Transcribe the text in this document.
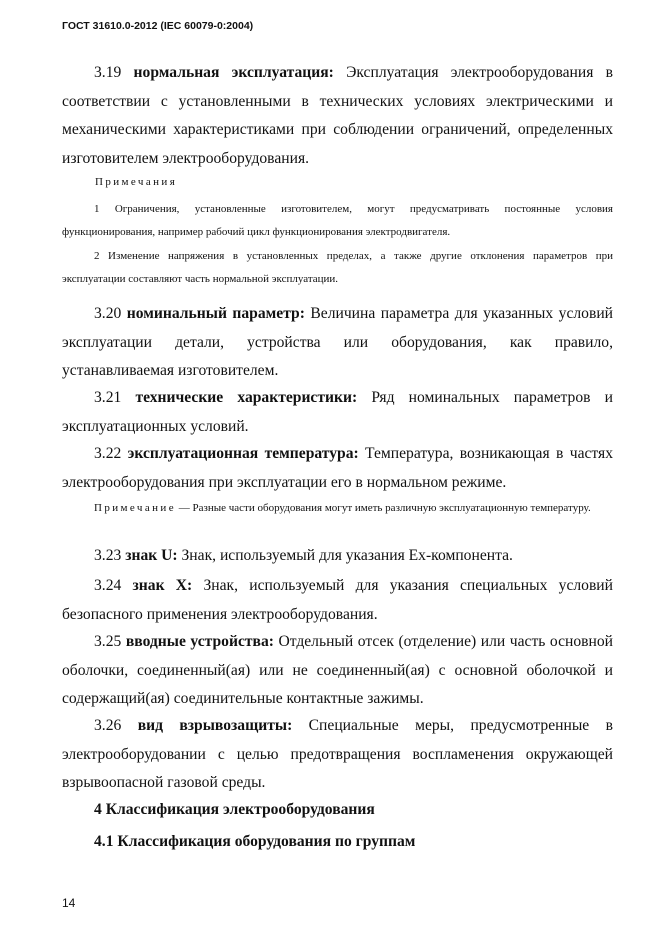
ГОСТ 31610.0-2012 (IEC 60079-0:2004)

3.19 нормальная эксплуатация: Эксплуатация электрооборудования в соответствии с установленными в технических условиях электрическими и механическими характеристиками при соблюдении ограничений, определенных изготовителем электрооборудования.

Примечания

1 Ограничения, установленные изготовителем, могут предусматривать постоянные условия функционирования, например рабочий цикл функционирования электродвигателя.

2 Изменение напряжения в установленных пределах, а также другие отклонения параметров при эксплуатации составляют часть нормальной эксплуатации.

3.20 номинальный параметр: Величина параметра для указанных условий эксплуатации детали, устройства или оборудования, как правило, устанавливаемая изготовителем.

3.21 технические характеристики: Ряд номинальных параметров и эксплуатационных условий.

3.22 эксплуатационная температура: Температура, возникающая в частях электрооборудования при эксплуатации его в нормальном режиме.

Примечание — Разные части оборудования могут иметь различную эксплуатационную температуру.

3.23 знак U: Знак, используемый для указания Ex-компонента.

3.24 знак X: Знак, используемый для указания специальных условий безопасного применения электрооборудования.

3.25 вводные устройства: Отдельный отсек (отделение) или часть основной оболочки, соединенный(ая) или не соединенный(ая) с основной оболочкой и содержащий(ая) соединительные контактные зажимы.

3.26 вид взрывозащиты: Специальные меры, предусмотренные в электрооборудовании с целью предотвращения воспламенения окружающей взрывоопасной газовой среды.

4 Классификация электрооборудования
4.1 Классификация оборудования по группам
14
